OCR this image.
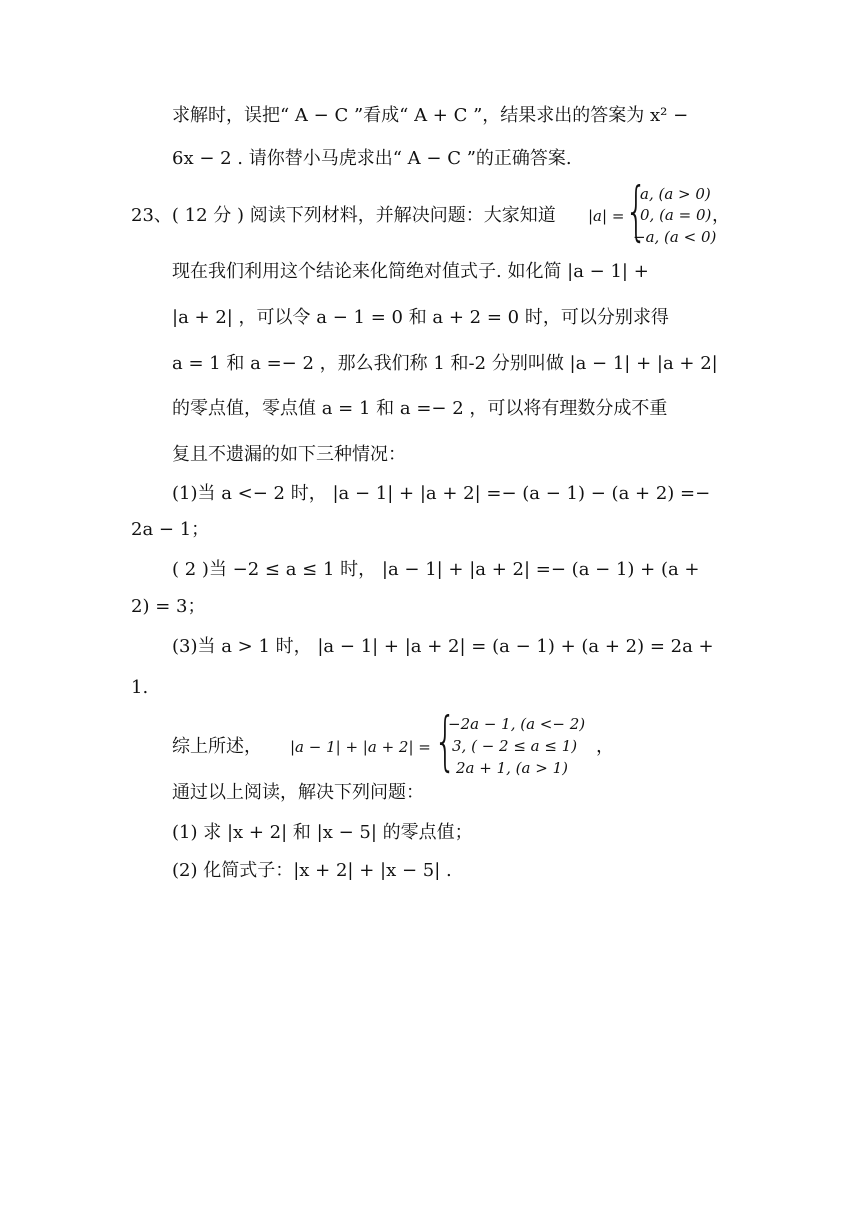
求解时，误把“ A − C ”看成“ A + C ”，结果求出的答案为 x² −
6x − 2 . 请你替小马虎求出“ A − C ”的正确答案.
23、( 12 分 ) 阅读下列材料，并解决问题：大家知道 |a| = {
a, (a > 0)
0, (a = 0)
−a, (a < 0)
，
现在我们利用这个结论来化简绝对值式子. 如化简 |a − 1| +
|a + 2| ，可以令 a − 1 = 0 和 a + 2 = 0 时，可以分别求得
a = 1 和 a =− 2 ，那么我们称 1 和-2 分别叫做 |a − 1| + |a + 2|
的零点值，零点值 a = 1 和 a =− 2 ，可以将有理数分成不重
复且不遗漏的如下三种情况：
(1)当 a <− 2 时， |a − 1| + |a + 2| =− (a − 1) − (a + 2) =−
2a − 1；
( 2 )当 −2 ≤ a ≤ 1 时， |a − 1| + |a + 2| =− (a − 1) + (a +
2) = 3；
(3)当 a > 1 时， |a − 1| + |a + 2| = (a − 1) + (a + 2) = 2a +
1.
综上所述， |a − 1| + |a + 2| = {
−2a − 1, (a <− 2)
3, ( − 2 ≤ a ≤ 1)
2a + 1, (a > 1)
，
通过以上阅读，解决下列问题：
(1) 求 |x + 2| 和 |x − 5| 的零点值；
(2) 化简式子：|x + 2| + |x − 5| .
